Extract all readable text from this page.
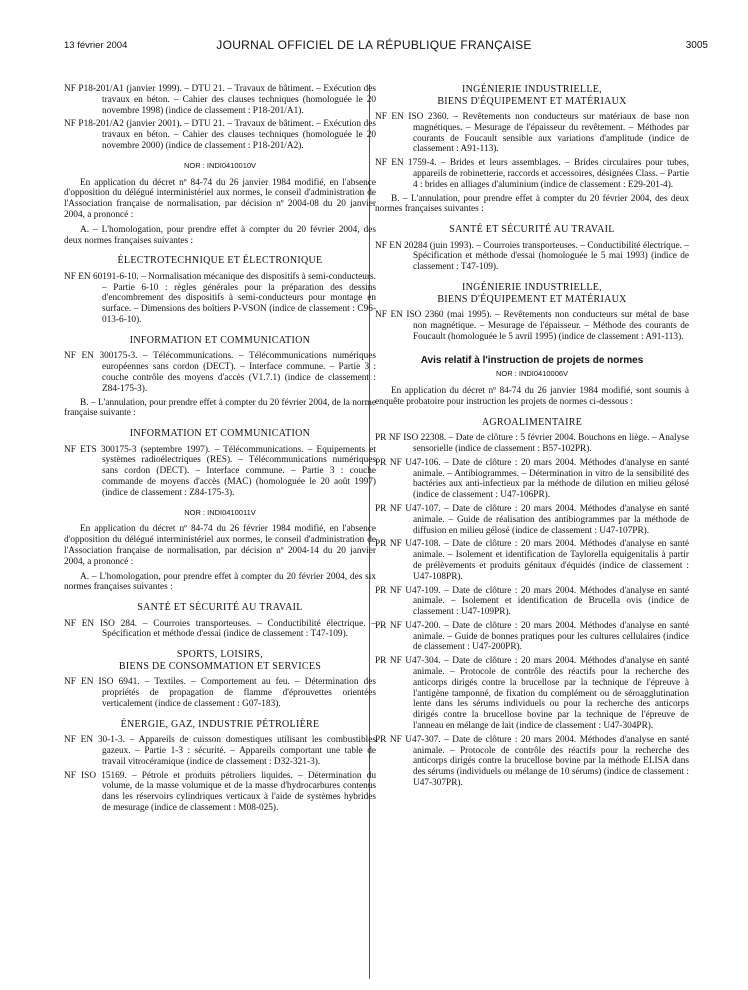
13 février 2004	JOURNAL OFFICIEL DE LA RÉPUBLIQUE FRANÇAISE	3005

NF P18-201/A1 (janvier 1999). – DTU 21. – Travaux de bâtiment. – Exécution des travaux en béton. – Cahier des clauses techniques (homologuée le 20 novembre 1998) (indice de classement : P18-201/A1).

NF P18-201/A2 (janvier 2001). – DTU 21. – Travaux de bâtiment. – Exécution des travaux en béton. – Cahier des clauses techniques (homologuée le 20 novembre 2000) (indice de classement : P18-201/A2).

NOR : INDI0410010V

En application du décret nº 84-74 du 26 janvier 1984 modifié, en l'absence d'opposition du délégué interministériel aux normes, le conseil d'administration de l'Association française de normalisation, par décision nº 2004-08 du 20 janvier 2004, a prononcé :

A. – L'homologation, pour prendre effet à compter du 20 février 2004, des deux normes françaises suivantes :

ÉLECTROTECHNIQUE ET ÉLECTRONIQUE

NF EN 60191-6-10. – Normalisation mécanique des dispositifs à semi-conducteurs. – Partie 6-10 : règles générales pour la préparation des dessins d'encombrement des dispositifs à semi-conducteurs pour montage en surface. – Dimensions des boîtiers P-VSON (indice de classement : C96-013-6-10).

INFORMATION ET COMMUNICATION

NF EN 300175-3. – Télécommunications. – Télécommunications numériques européennes sans cordon (DECT). – Interface commune. – Partie 3 : couche contrôle des moyens d'accès (V1.7.1) (indice de classement : Z84-175-3).

B. – L'annulation, pour prendre effet à compter du 20 février 2004, de la norme française suivante :

INFORMATION ET COMMUNICATION

NF ETS 300175-3 (septembre 1997). – Télécommunications. – Equipements et systèmes radioélectriques (RES). – Télécommunications numériques sans cordon (DECT). – Interface commune. – Partie 3 : couche commande de moyens d'accès (MAC) (homologuée le 20 août 1997) (indice de classement : Z84-175-3).

NOR : INDI0410011V

En application du décret nº 84-74 du 26 février 1984 modifié, en l'absence d'opposition du délégué interministériel aux normes, le conseil d'administration de l'Association française de normalisation, par décision nº 2004-14 du 20 janvier 2004, a prononcé :

A. – L'homologation, pour prendre effet à compter du 20 février 2004, des six normes françaises suivantes :

SANTÉ ET SÉCURITÉ AU TRAVAIL

NF EN ISO 284. – Courroies transporteuses. – Conductibilité électrique. – Spécification et méthode d'essai (indice de classement : T47-109).

SPORTS, LOISIRS,
BIENS DE CONSOMMATION ET SERVICES

NF EN ISO 6941. – Textiles. – Comportement au feu. – Détermination des propriétés de propagation de flamme d'éprouvettes orientées verticalement (indice de classement : G07-183).

ÉNERGIE, GAZ, INDUSTRIE PÉTROLIÈRE

NF EN 30-1-3. – Appareils de cuisson domestiques utilisant les combustibles gazeux. – Partie 1-3 : sécurité. – Appareils comportant une table de travail vitrocéramique (indice de classement : D32-321-3).

NF ISO 15169. – Pétrole et produits pétroliers liquides. – Détermination du volume, de la masse volumique et de la masse d'hydrocarbures contenus dans les réservoirs cylindriques verticaux à l'aide de systèmes hybrides de mesurage (indice de classement : M08-025).

INGÉNIERIE INDUSTRIELLE,
BIENS D'ÉQUIPEMENT ET MATÉRIAUX

NF EN ISO 2360. – Revêtements non conducteurs sur matériaux de base non magnétiques. – Mesurage de l'épaisseur du revêtement. – Méthodes par courants de Foucault sensible aux variations d'amplitude (indice de classement : A91-113).

NF EN 1759-4. – Brides et leurs assemblages. – Brides circulaires pour tubes, appareils de robinetterie, raccords et accessoires, désignées Class. – Partie 4 : brides en alliages d'aluminium (indice de classement : E29-201-4).

B. – L'annulation, pour prendre effet à compter du 20 février 2004, des deux normes françaises suivantes :

SANTÉ ET SÉCURITÉ AU TRAVAIL

NF EN 20284 (juin 1993). – Courroies transporteuses. – Conductibilité électrique. – Spécification et méthode d'essai (homologuée le 5 mai 1993) (indice de classement : T47-109).

INGÉNIERIE INDUSTRIELLE,
BIENS D'ÉQUIPEMENT ET MATÉRIAUX

NF EN ISO 2360 (mai 1995). – Revêtements non conducteurs sur métal de base non magnétique. – Mesurage de l'épaisseur. – Méthode des courants de Foucault (homologuée le 5 avril 1995) (indice de classement : A91-113).

Avis relatif à l'instruction de projets de normes
NOR : INDI0410006V

En application du décret nº 84-74 du 26 janvier 1984 modifié, sont soumis à enquête probatoire pour instruction les projets de normes ci-dessous :

AGROALIMENTAIRE

PR NF ISO 22308. – Date de clôture : 5 février 2004. Bouchons en liège. – Analyse sensorielle (indice de classement : B57-102PR).

PR NF U47-106. – Date de clôture : 20 mars 2004. Méthodes d'analyse en santé animale. – Antibiogrammes. – Détermination in vitro de la sensibilité des bactéries aux anti-infectieux par la méthode de dilution en milieu gélosé (indice de classement : U47-106PR).

PR NF U47-107. – Date de clôture : 20 mars 2004. Méthodes d'analyse en santé animale. – Guide de réalisation des antibiogrammes par la méthode de diffusion en milieu gélosé (indice de classement : U47-107PR).

PR NF U47-108. – Date de clôture : 20 mars 2004. Méthodes d'analyse en santé animale. – Isolement et identification de Taylorella equigenitalis à partir de prélèvements et produits génitaux d'équidés (indice de classement : U47-108PR).

PR NF U47-109. – Date de clôture : 20 mars 2004. Méthodes d'analyse en santé animale. – Isolement et identification de Brucella ovis (indice de classement : U47-109PR).

PR NF U47-200. – Date de clôture : 20 mars 2004. Méthodes d'analyse en santé animale. – Guide de bonnes pratiques pour les cultures cellulaires (indice de classement : U47-200PR).

PR NF U47-304. – Date de clôture : 20 mars 2004. Méthodes d'analyse en santé animale. – Protocole de contrôle des réactifs pour la recherche des anticorps dirigés contre la brucellose par la technique de l'épreuve à l'antigène tamponné, de fixation du complément ou de séroagglutination lente dans les sérums individuels ou pour la recherche des anticorps dirigés contre la brucellose bovine par la technique de l'épreuve de l'anneau en mélange de lait (indice de classement : U47-304PR).

PR NF U47-307. – Date de clôture : 20 mars 2004. Méthodes d'analyse en santé animale. – Protocole de contrôle des réactifs pour la recherche des anticorps dirigés contre la brucellose bovine par la méthode ELISA dans des sérums (individuels ou mélange de 10 sérums) (indice de classement : U47-307PR).
